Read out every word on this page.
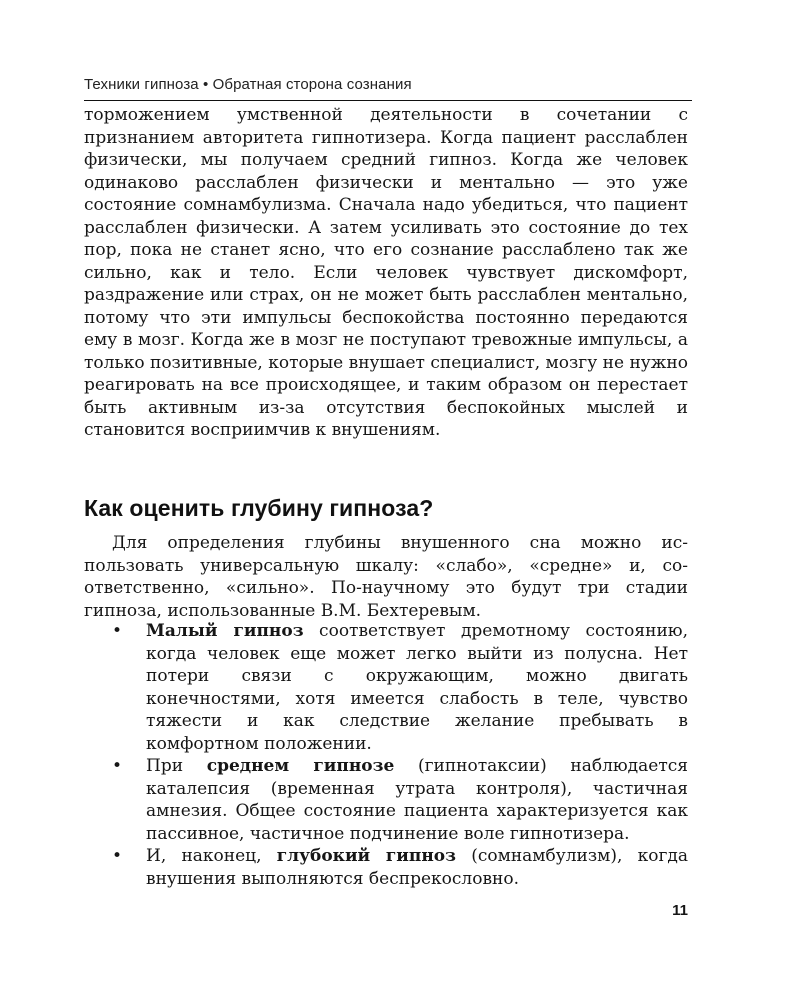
Техники гипноза • Обратная сторона сознания

торможением умственной деятельности в сочетании с признанием авторитета гипнотизера. Когда пациент расслаблен физически, мы получаем средний гипноз. Когда же человек одинаково расслаблен физически и ментально — это уже состояние сомнамбулизма. Сначала надо убедиться, что пациент расслаблен физически. А затем усиливать это состояние до тех пор, пока не станет ясно, что его сознание расслаблено так же сильно, как и тело. Если человек чувствует дискомфорт, раздражение или страх, он не может быть расслаблен ментально, потому что эти импульсы беспокойства постоянно передаются ему в мозг. Когда же в мозг не поступают тревожные импульсы, а только позитивные, которые внушает специалист, мозгу не нужно реагировать на все происходящее, и таким образом он перестает быть активным из-за отсутствия беспокойных мыслей и становится восприимчив к внушениям.

Как оценить глубину гипноза?

Для определения глубины внушенного сна можно использовать универсальную шкалу: «слабо», «средне» и, соответственно, «сильно». По-научному это будут три стадии гипноза, использованные В.М. Бехтеревым.

• Малый гипноз соответствует дремотному состоянию, когда человек еще может легко выйти из полусна. Нет потери связи с окружающим, можно двигать конечностями, хотя имеется слабость в теле, чувство тяжести и как следствие желание пребывать в комфортном положении.

• При среднем гипнозе (гипнотаксии) наблюдается каталепсия (временная утрата контроля), частичная амнезия. Общее состояние пациента характеризуется как пассивное, частичное подчинение воле гипнотизера.

• И, наконец, глубокий гипноз (сомнамбулизм), когда внушения выполняются беспрекословно.

11
